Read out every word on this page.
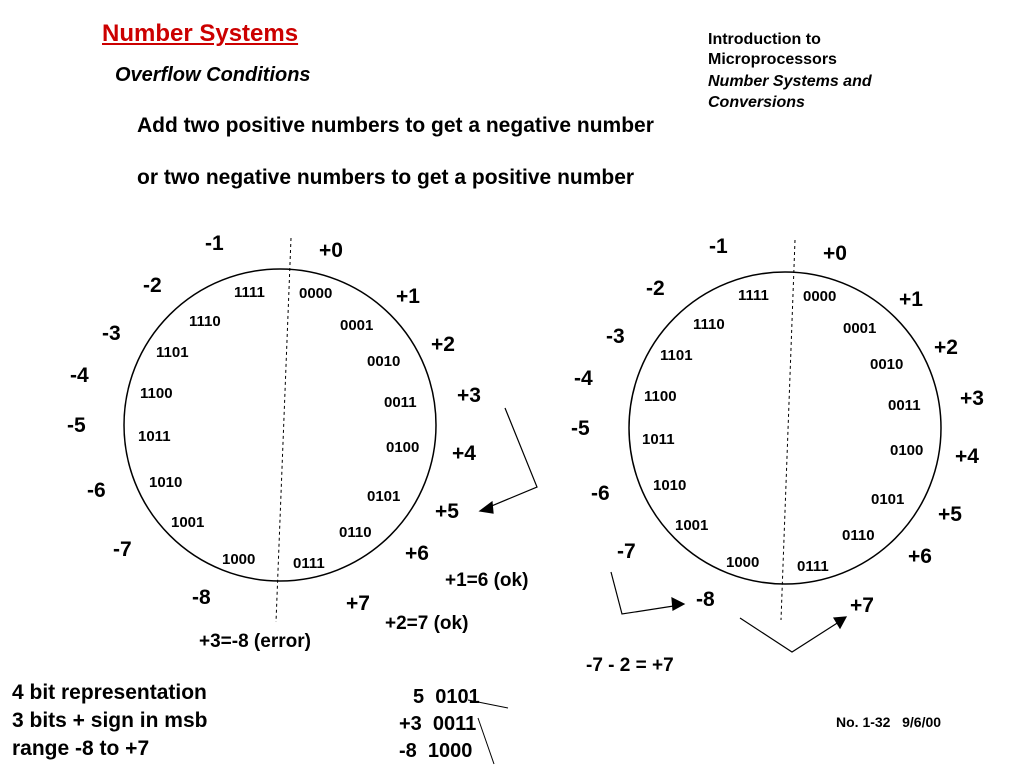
Number Systems
Overflow Conditions
Introduction to
Microprocessors
Number Systems and
Conversions
Add two positive numbers to get a negative number
or two negative numbers to get a positive number
+0
+1
+2
+3
+4
+5
+6
+7
-8
-7
-6
-5
-4
-3
-2
-1
0000
0001
0010
0011
0100
0101
0110
0111
1000
1001
1010
1011
1100
1101
1110
1111
+0
+1
+2
+3
+4
+5
+6
+7
-8
-7
-6
-5
-4
-3
-2
-1
0000
0001
0010
0011
0100
0101
0110
0111
1000
1001
1010
1011
1100
1101
1110
1111
+1=6 (ok)
+2=7 (ok)
+3=-8 (error)
-7 - 2 = +7
4 bit representation
3 bits + sign in msb
range -8 to +7
5  0101
+3  0011
-8  1000
No. 1-32   9/6/00
